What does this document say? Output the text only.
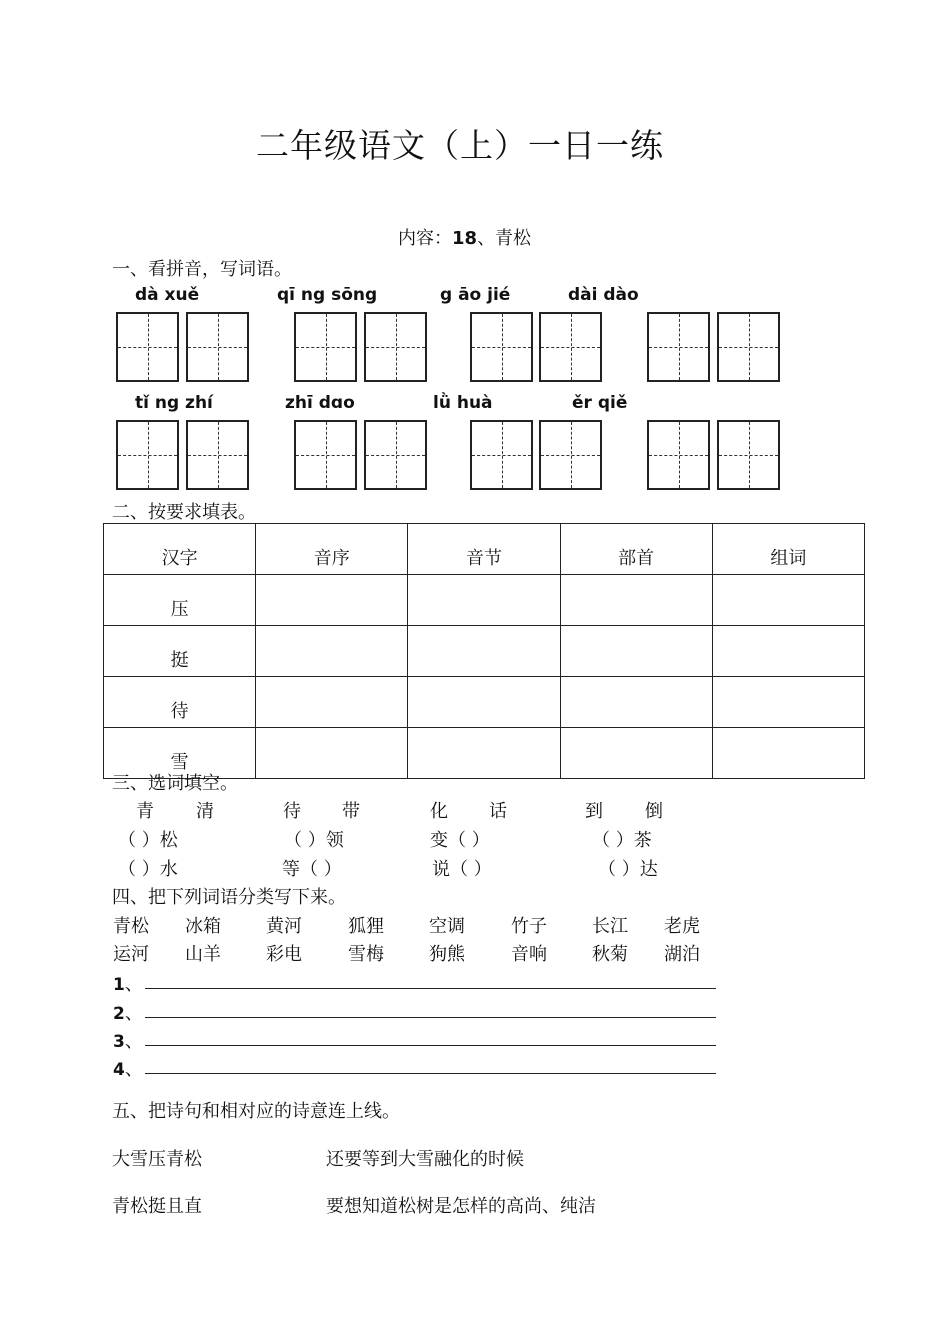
二年级语文（上）一日一练
内容：18、青松
一、看拼音，写词语。
dà xuě	qī ng sōng	g āo jié	dài dào
tǐ ng zhí	zhī dɑo	lǜ huà	ěr qiě
二、按要求填表。
汉字	音序	音节	部首	组词
压				
挺				
待				
雪				
三、选词填空。
青 清	待 带	化 话	到 倒
（ ）松	（ ）领	变（ ）	（ ）茶
（ ）水	等（ ）	说（ ）	（ ）达
四、把下列词语分类写下来。
青松 冰箱	黄河	狐狸	空调	竹子	长江 老虎
运河 山羊	彩电	雪梅	狗熊	音响	秋菊 湖泊
1、
2、
3、
4、
五、把诗句和相对应的诗意连上线。
大雪压青松	还要等到大雪融化的时候
青松挺且直	要想知道松树是怎样的高尚、纯洁
